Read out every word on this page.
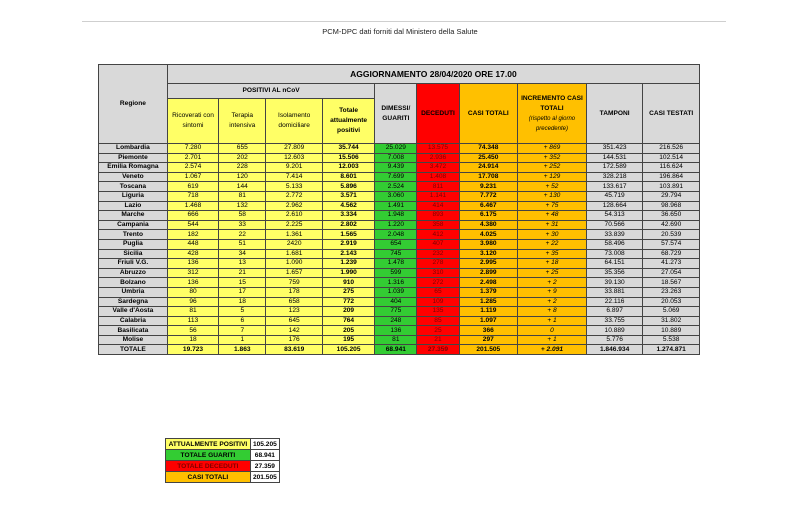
PCM-DPC dati forniti dal Ministero della Salute
Regione	AGGIORNAMENTO 28/04/2020 ORE 17.00									
	POSITIVI AL nCoV				DIMESSI/ GUARITI	DECEDUTI	CASI TOTALI	INCREMENTO CASI TOTALI
(rispetto al giorno precedente)	TAMPONI	CASI TESTATI
	Ricoverati con sintomi	Terapia intensiva	Isolamento domiciliare	Totale attualmente positivi						
Lombardia	7.280	655	27.809	35.744	25.029	13.575	74.348	+ 869	351.423	216.526
Piemonte	2.701	202	12.603	15.506	7.008	2.936	25.450	+ 352	144.531	102.514
Emilia Romagna	2.574	228	9.201	12.003	9.439	3.472	24.914	+ 252	172.589	116.624
Veneto	1.067	120	7.414	8.601	7.699	1.408	17.708	+ 129	328.218	196.864
Toscana	619	144	5.133	5.896	2.524	811	9.231	+ 52	133.617	103.891
Liguria	718	81	2.772	3.571	3.060	1.141	7.772	+ 130	45.719	29.794
Lazio	1.468	132	2.962	4.562	1.491	414	6.467	+ 75	128.664	98.968
Marche	666	58	2.610	3.334	1.948	893	6.175	+ 48	54.313	36.650
Campania	544	33	2.225	2.802	1.220	358	4.380	+ 31	70.566	42.690
Trento	182	22	1.361	1.565	2.048	412	4.025	+ 30	33.839	20.539
Puglia	448	51	2420	2.919	654	407	3.980	+ 22	58.496	57.574
Sicilia	428	34	1.681	2.143	745	232	3.120	+ 35	73.008	68.729
Friuli V.G.	136	13	1.090	1.239	1.478	278	2.995	+ 18	64.151	41.273
Abruzzo	312	21	1.657	1.990	599	310	2.899	+ 25	35.356	27.054
Bolzano	136	15	759	910	1.316	272	2.498	+ 2	39.130	18.567
Umbria	80	17	178	275	1.039	65	1.379	+ 9	33.881	23.263
Sardegna	96	18	658	772	404	109	1.285	+ 2	22.116	20.053
Valle d'Aosta	81	5	123	209	775	135	1.119	+ 8	6.897	5.069
Calabria	113	6	645	764	248	85	1.097	+ 1	33.755	31.802
Basilicata	56	7	142	205	136	25	366	0	10.889	10.889
Molise	18	1	176	195	81	21	297	+ 1	5.776	5.538
TOTALE	19.723	1.863	83.619	105.205	68.941	27.359	201.505	+ 2.091	1.846.934	1.274.871
ATTUALMENTE POSITIVI	105.205
TOTALE GUARITI	68.941
TOTALE DECEDUTI	27.359
CASI TOTALI	201.505
